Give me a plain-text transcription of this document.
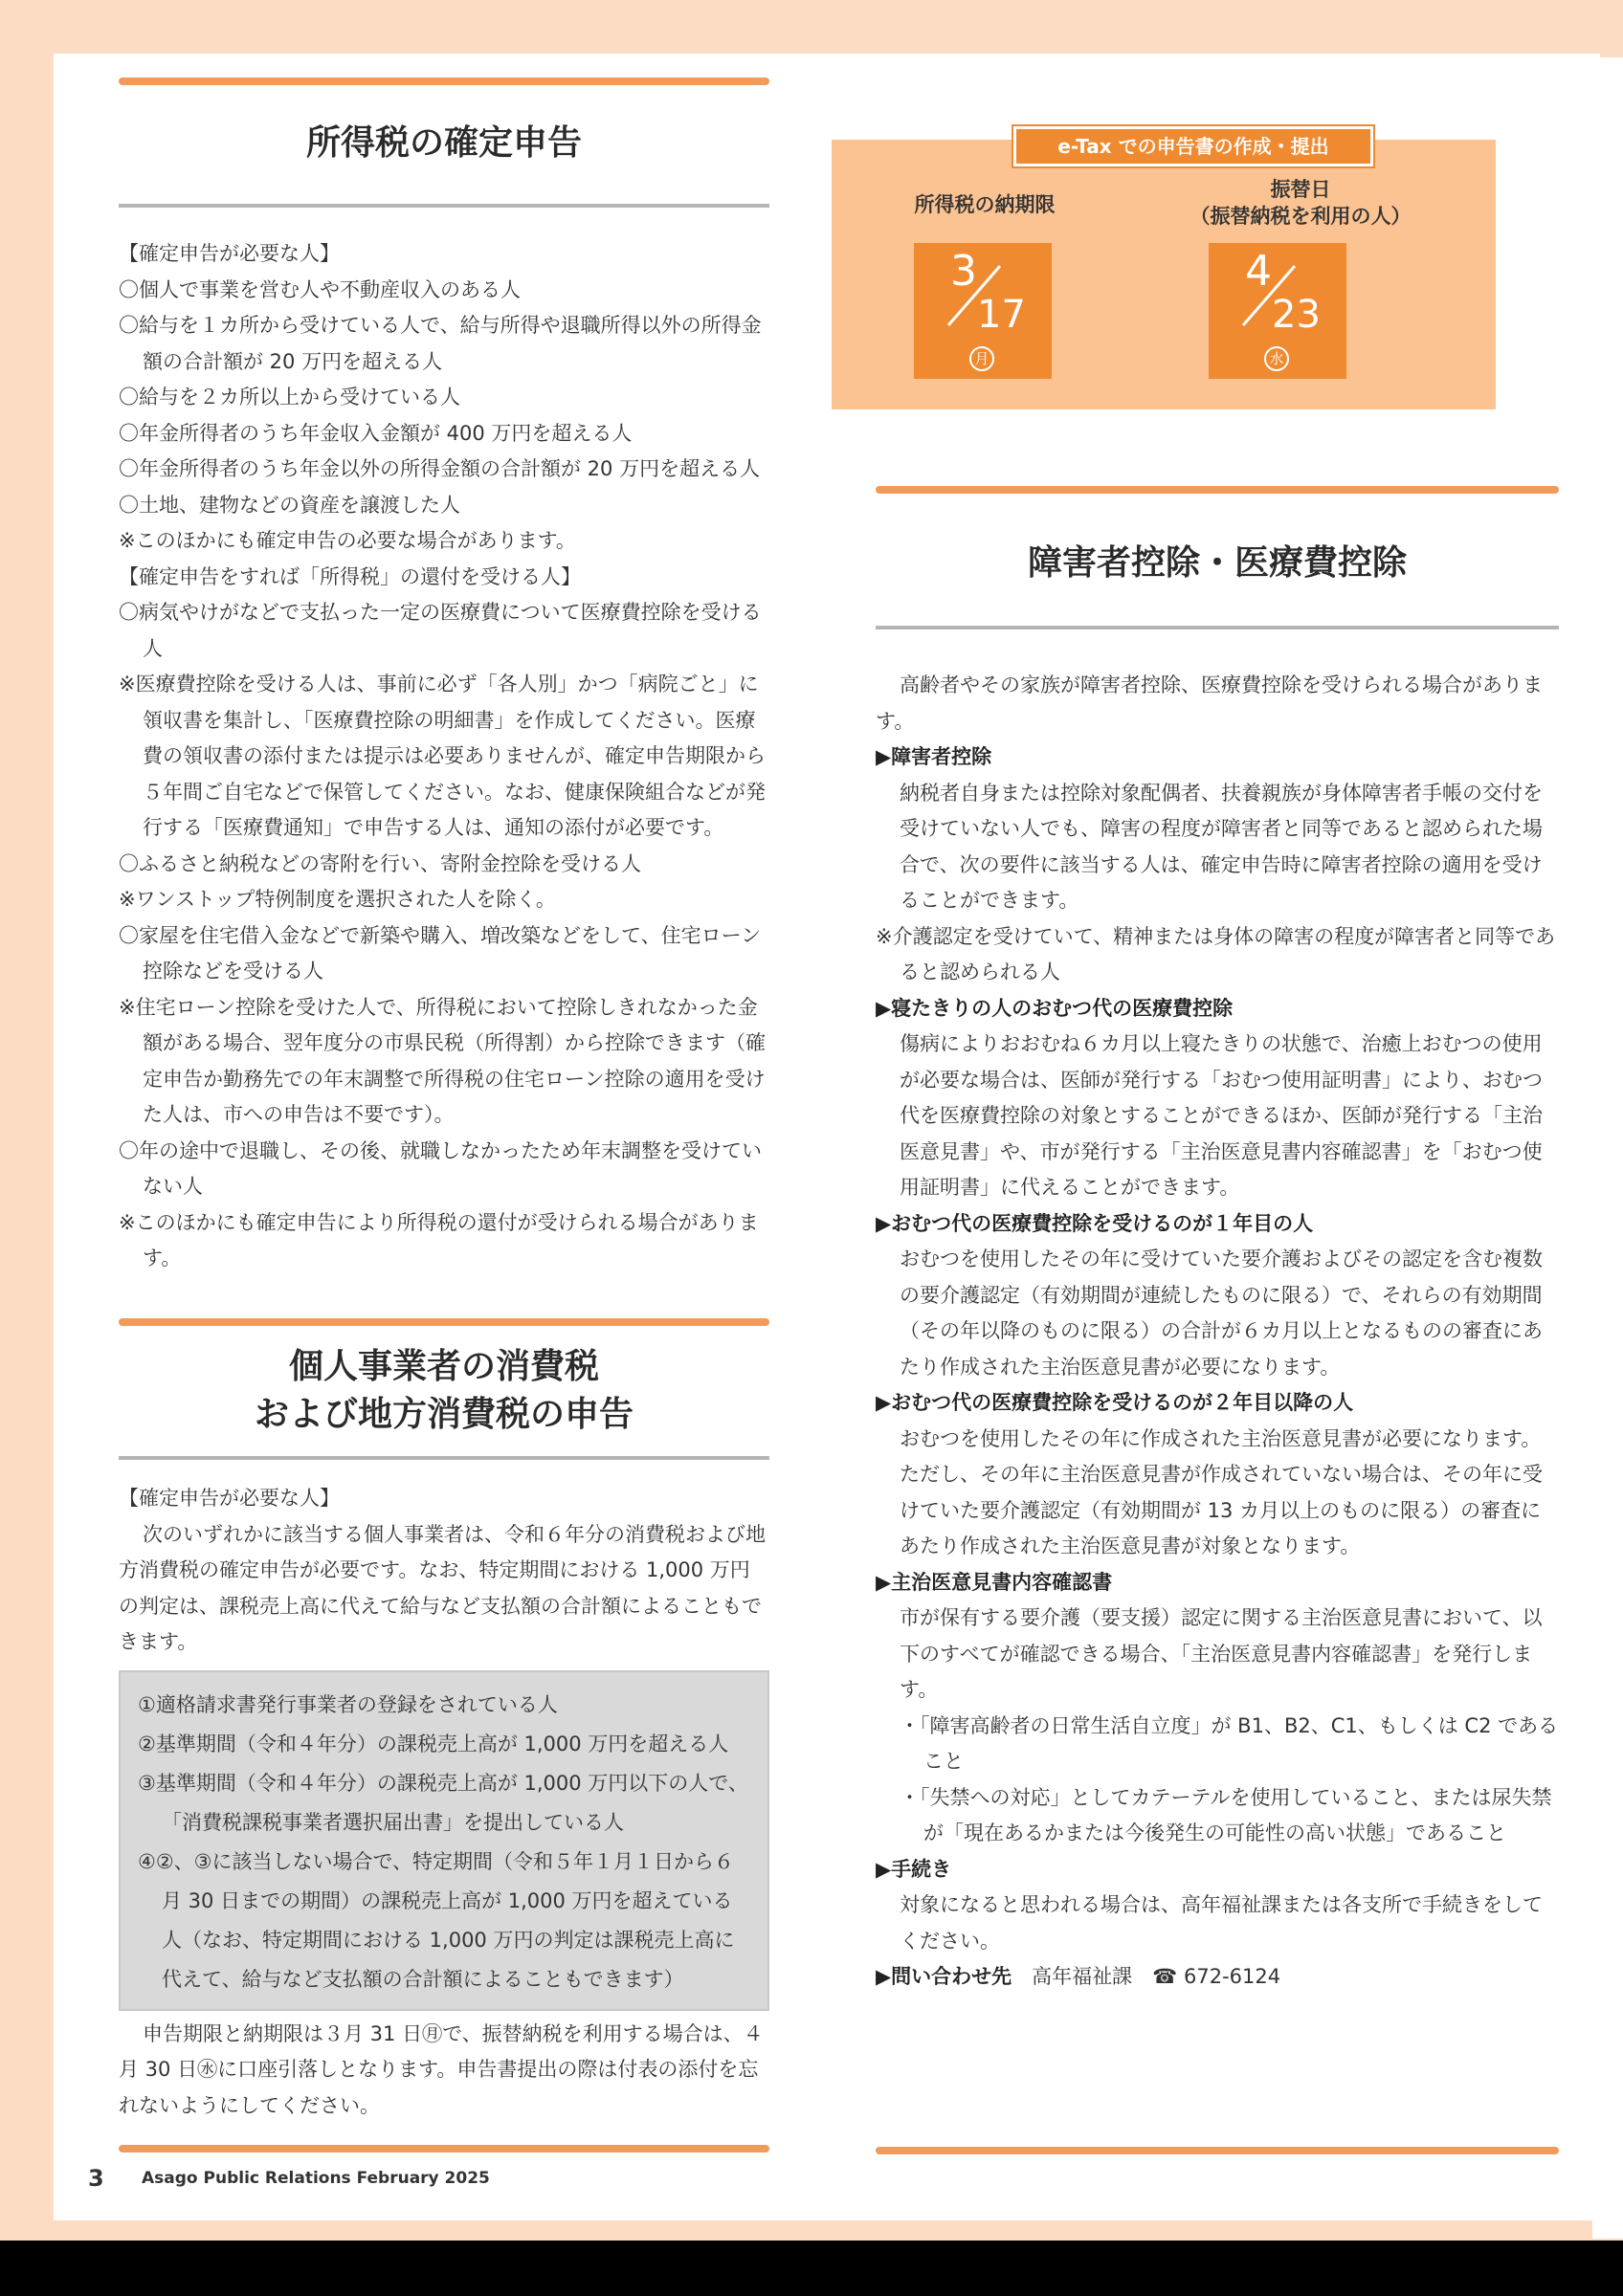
所得税の確定申告

【確定申告が必要な人】

〇個人で事業を営む人や不動産収入のある人

〇給与を１カ所から受けている人で、給与所得や退職所得以外の所得金額の合計額が 20 万円を超える人

〇給与を２カ所以上から受けている人

〇年金所得者のうち年金収入金額が 400 万円を超える人

〇年金所得者のうち年金以外の所得金額の合計額が 20 万円を超える人

〇土地、建物などの資産を譲渡した人

※このほかにも確定申告の必要な場合があります。

【確定申告をすれば「所得税」の還付を受ける人】

〇病気やけがなどで支払った一定の医療費について医療費控除を受ける人

※医療費控除を受ける人は、事前に必ず「各人別」かつ「病院ごと」に領収書を集計し、「医療費控除の明細書」を作成してください。医療費の領収書の添付または提示は必要ありませんが、確定申告期限から５年間ご自宅などで保管してください。なお、健康保険組合などが発行する「医療費通知」で申告する人は、通知の添付が必要です。

〇ふるさと納税などの寄附を行い、寄附金控除を受ける人

※ワンストップ特例制度を選択された人を除く。

〇家屋を住宅借入金などで新築や購入、増改築などをして、住宅ローン控除などを受ける人

※住宅ローン控除を受けた人で、所得税において控除しきれなかった金額がある場合、翌年度分の市県民税（所得割）から控除できます（確定申告か勤務先での年末調整で所得税の住宅ローン控除の適用を受けた人は、市への申告は不要です）。

〇年の途中で退職し、その後、就職しなかったため年末調整を受けていない人

※このほかにも確定申告により所得税の還付が受けられる場合があります。

個人事業者の消費税
および地方消費税の申告

【確定申告が必要な人】

次のいずれかに該当する個人事業者は、令和６年分の消費税および地方消費税の確定申告が必要です。なお、特定期間における 1,000 万円の判定は、課税売上高に代えて給与など支払額の合計額によることもできます。

①適格請求書発行事業者の登録をされている人

②基準期間（令和４年分）の課税売上高が 1,000 万円を超える人

③基準期間（令和４年分）の課税売上高が 1,000 万円以下の人で、「消費税課税事業者選択届出書」を提出している人

④②、③に該当しない場合で、特定期間（令和５年１月１日から６月 30 日までの期間）の課税売上高が 1,000 万円を超えている人（なお、特定期間における 1,000 万円の判定は課税売上高に代えて、給与など支払額の合計額によることもできます）

申告期限と納期限は３月 31 日㊊で、振替納税を利用する場合は、４月 30 日㊌に口座引落しとなります。申告書提出の際は付表の添付を忘れないようにしてください。

e-Tax での申告書の作成・提出
所得税の納期限
振替日
（振替納税を利用の人）
3
17
月
4
23
水
障害者控除・医療費控除

高齢者やその家族が障害者控除、医療費控除を受けられる場合があります。

▶障害者控除

納税者自身または控除対象配偶者、扶養親族が身体障害者手帳の交付を受けていない人でも、障害の程度が障害者と同等であると認められた場合で、次の要件に該当する人は、確定申告時に障害者控除の適用を受けることができます。

※介護認定を受けていて、精神または身体の障害の程度が障害者と同等であると認められる人

▶寝たきりの人のおむつ代の医療費控除

傷病によりおおむね６カ月以上寝たきりの状態で、治癒上おむつの使用が必要な場合は、医師が発行する「おむつ使用証明書」により、おむつ代を医療費控除の対象とすることができるほか、医師が発行する「主治医意見書」や、市が発行する「主治医意見書内容確認書」を「おむつ使用証明書」に代えることができます。

▶おむつ代の医療費控除を受けるのが１年目の人

おむつを使用したその年に受けていた要介護およびその認定を含む複数の要介護認定（有効期間が連続したものに限る）で、それらの有効期間（その年以降のものに限る）の合計が６カ月以上となるものの審査にあたり作成された主治医意見書が必要になります。

▶おむつ代の医療費控除を受けるのが２年目以降の人

おむつを使用したその年に作成された主治医意見書が必要になります。ただし、その年に主治医意見書が作成されていない場合は、その年に受けていた要介護認定（有効期間が 13 カ月以上のものに限る）の審査にあたり作成された主治医意見書が対象となります。

▶主治医意見書内容確認書

市が保有する要介護（要支援）認定に関する主治医意見書において、以下のすべてが確認できる場合、「主治医意見書内容確認書」を発行します。

・「障害高齢者の日常生活自立度」が B1、B2、C1、もしくは C2 であること

・「失禁への対応」としてカテーテルを使用していること、または尿失禁が「現在あるかまたは今後発生の可能性の高い状態」であること

▶手続き

対象になると思われる場合は、高年福祉課または各支所で手続きをしてください。

▶問い合わせ先　 高年福祉課　 ☎ 672-6124

3 Asago Public Relations February 2025
